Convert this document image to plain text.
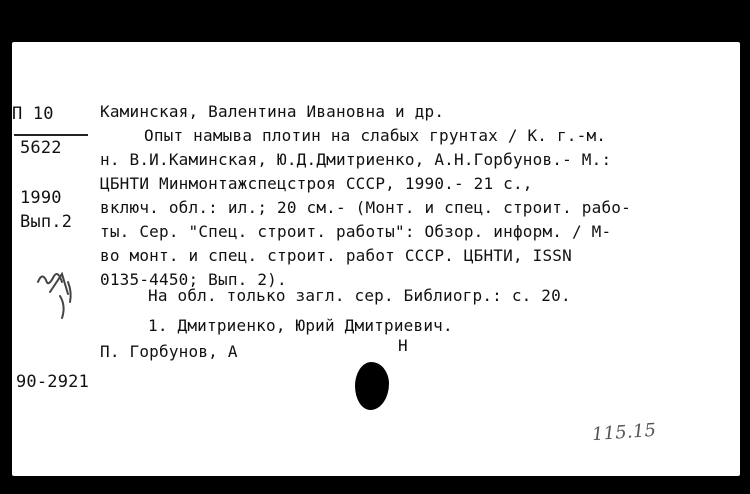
П 10
5622
1990
Вып.2
90-2921
Каминская, Валентина Ивановна и др.
Опыт намыва плотин на слабых грунтах / К. г.-м.
н. В.И.Каминская, Ю.Д.Дмитриенко, А.Н.Горбунов.- М.:
ЦБНТИ Минмонтажспецстроя СССР, 1990.- 21 с.,
включ. обл.: ил.; 20 см.- (Монт. и спец. строит. рабо-
ты. Сер. "Спец. строит. работы": Обзор. информ. / М-
во монт. и спец. строит. работ СССР. ЦБНТИ, ISSN
0135-4450; Вып. 2).
На обл. только загл. сер. Библиогр.: с. 20.
1. Дмитриенко, Юрий Дмитриевич.
П. Горбунов, А	Н
115.15
